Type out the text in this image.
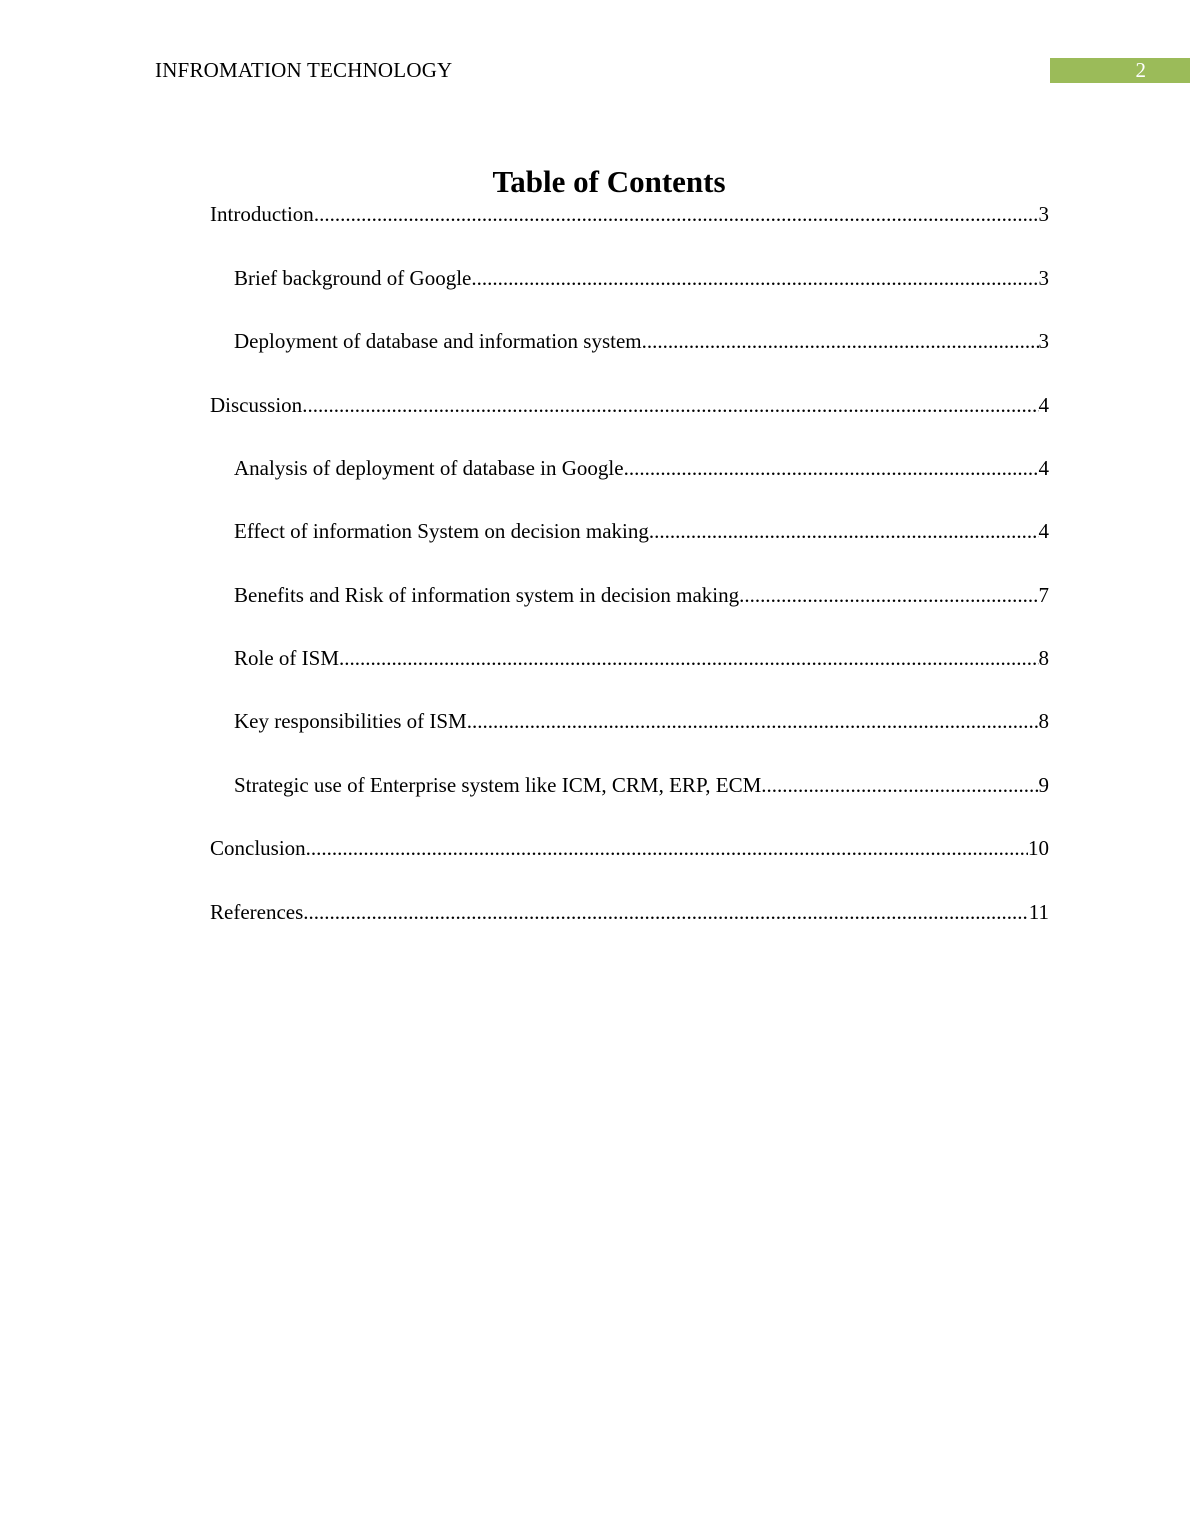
INFROMATION TECHNOLOGY	2
Table of Contents
Introduction .....	3
Brief background of Google .....	3
Deployment of database and information system .....	3
Discussion .....	4
Analysis of deployment of database in Google .....	4
Effect of information System on decision making .....	4
Benefits and Risk of information system in decision making .....	7
Role of ISM .....	8
Key responsibilities of ISM .....	8
Strategic use of Enterprise system like ICM, CRM, ERP, ECM .....	9
Conclusion .....	10
References .....	11
